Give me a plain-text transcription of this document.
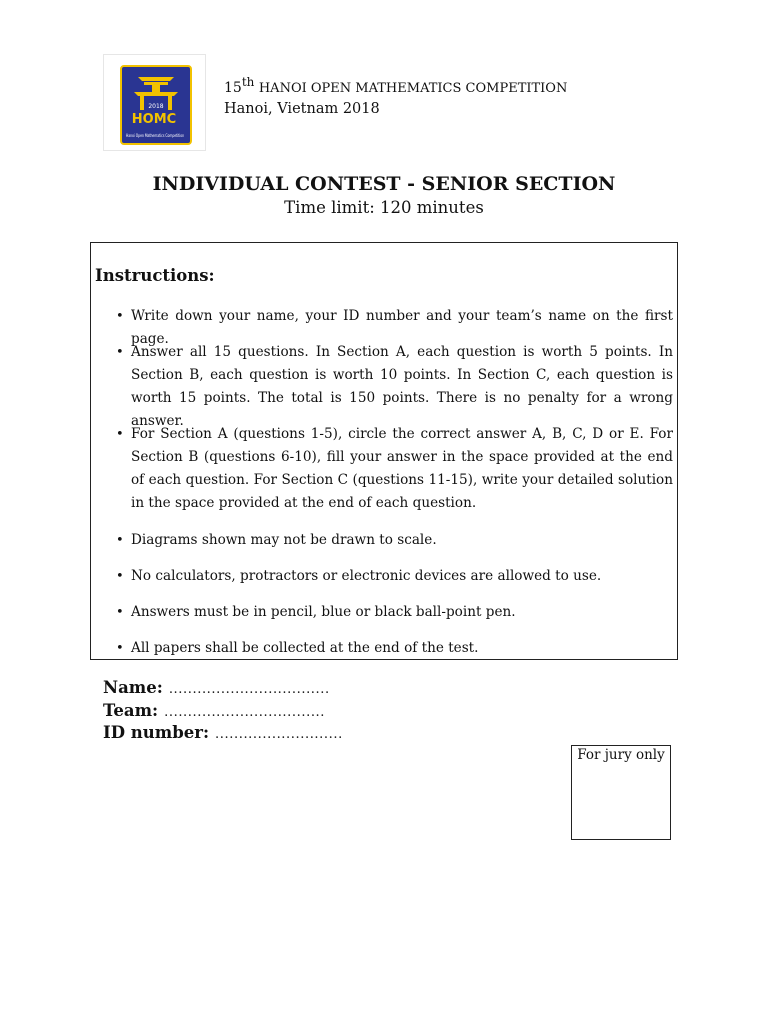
2018
HOMC
Hanoi Open Mathematics Competition
15th HANOI OPEN MATHEMATICS COMPETITION
Hanoi, Vietnam 2018
INDIVIDUAL CONTEST - SENIOR SECTION
Time limit: 120 minutes
Instructions:
• Write down your name, your ID number and your team’s name on the first page.
• Answer all 15 questions. In Section A, each question is worth 5 points. In Section B, each question is worth 10 points. In Section C, each question is worth 15 points. The total is 150 points. There is no penalty for a wrong answer.
• For Section A (questions 1-5), circle the correct answer A, B, C, D or E. For Section B (questions 6-10), fill your answer in the space provided at the end of each question. For Section C (questions 11-15), write your detailed solution in the space provided at the end of each question.
• Diagrams shown may not be drawn to scale.
• No calculators, protractors or electronic devices are allowed to use.
• Answers must be in pencil, blue or black ball-point pen.
• All papers shall be collected at the end of the test.
Name: ..................................
Team: ..................................
ID number: ...........................
For jury only
